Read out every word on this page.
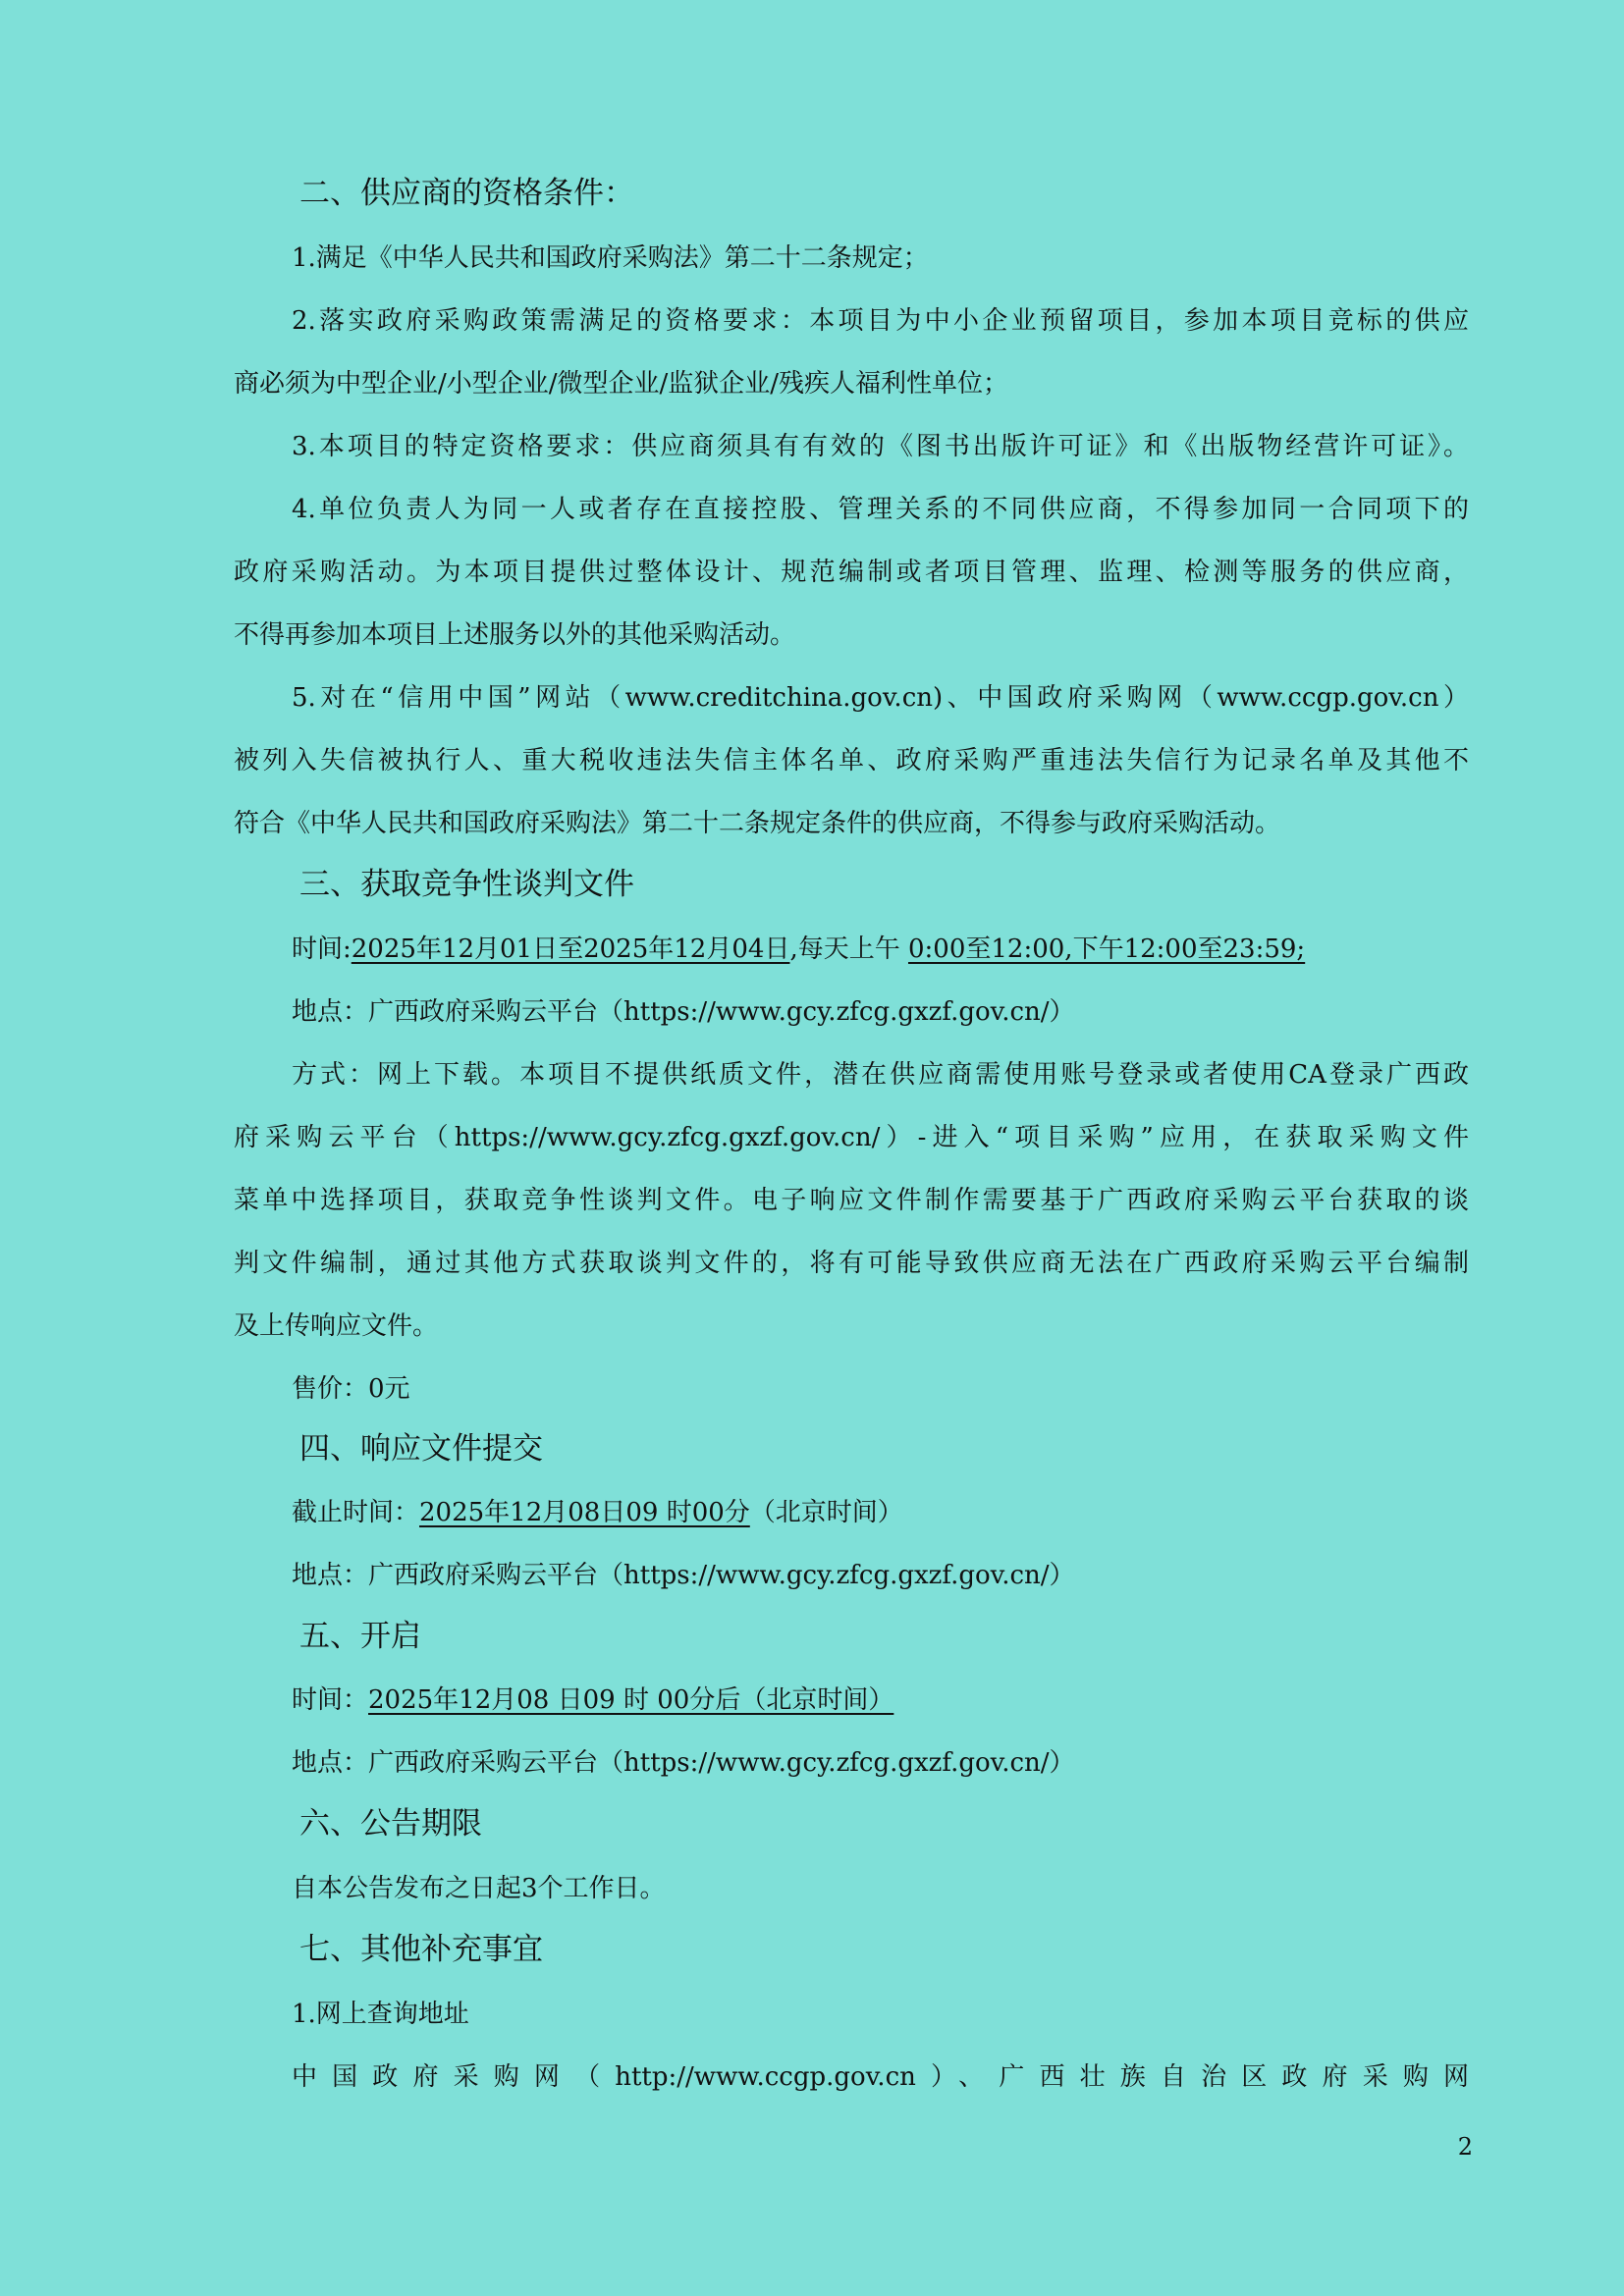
二、供应商的资格条件：
1.满足《中华人民共和国政府采购法》第二十二条规定；
2.落实政府采购政策需满足的资格要求：本项目为中小企业预留项目，参加本项目竞标的供应
商必须为中型企业/小型企业/微型企业/监狱企业/残疾人福利性单位；
3.本项目的特定资格要求：供应商须具有有效的《图书出版许可证》和《出版物经营许可证》。
4.单位负责人为同一人或者存在直接控股、管理关系的不同供应商，不得参加同一合同项下的
政府采购活动。为本项目提供过整体设计、规范编制或者项目管理、监理、检测等服务的供应商，
不得再参加本项目上述服务以外的其他采购活动。
5.对在“信用中国”网站（www.creditchina.gov.cn)、中国政府采购网（www.ccgp.gov.cn）
被列入失信被执行人、重大税收违法失信主体名单、政府采购严重违法失信行为记录名单及其他不
符合《中华人民共和国政府采购法》第二十二条规定条件的供应商，不得参与政府采购活动。
三、获取竞争性谈判文件
时间:2025年12月01日至2025年12月04日,每天上午 0:00至12:00,下午12:00至23:59;
地点：广西政府采购云平台（https://www.gcy.zfcg.gxzf.gov.cn/）
方式：网上下载。本项目不提供纸质文件，潜在供应商需使用账号登录或者使用CA登录广西政
府采购云平台（https://www.gcy.zfcg.gxzf.gov.cn/）-进入“项目采购”应用，在获取采购文件
菜单中选择项目，获取竞争性谈判文件。电子响应文件制作需要基于广西政府采购云平台获取的谈
判文件编制，通过其他方式获取谈判文件的，将有可能导致供应商无法在广西政府采购云平台编制
及上传响应文件。
售价：0元
四、响应文件提交
截止时间：2025年12月08日09 时00分（北京时间）
地点：广西政府采购云平台（https://www.gcy.zfcg.gxzf.gov.cn/）
五、开启
时间：2025年12月08 日09 时 00分后（北京时间）
地点：广西政府采购云平台（https://www.gcy.zfcg.gxzf.gov.cn/）
六、公告期限
自本公告发布之日起3个工作日。
七、其他补充事宜
1.网上查询地址
中国政府采购网（http://www.ccgp.gov.cn）、广西壮族自治区政府采购网
2
